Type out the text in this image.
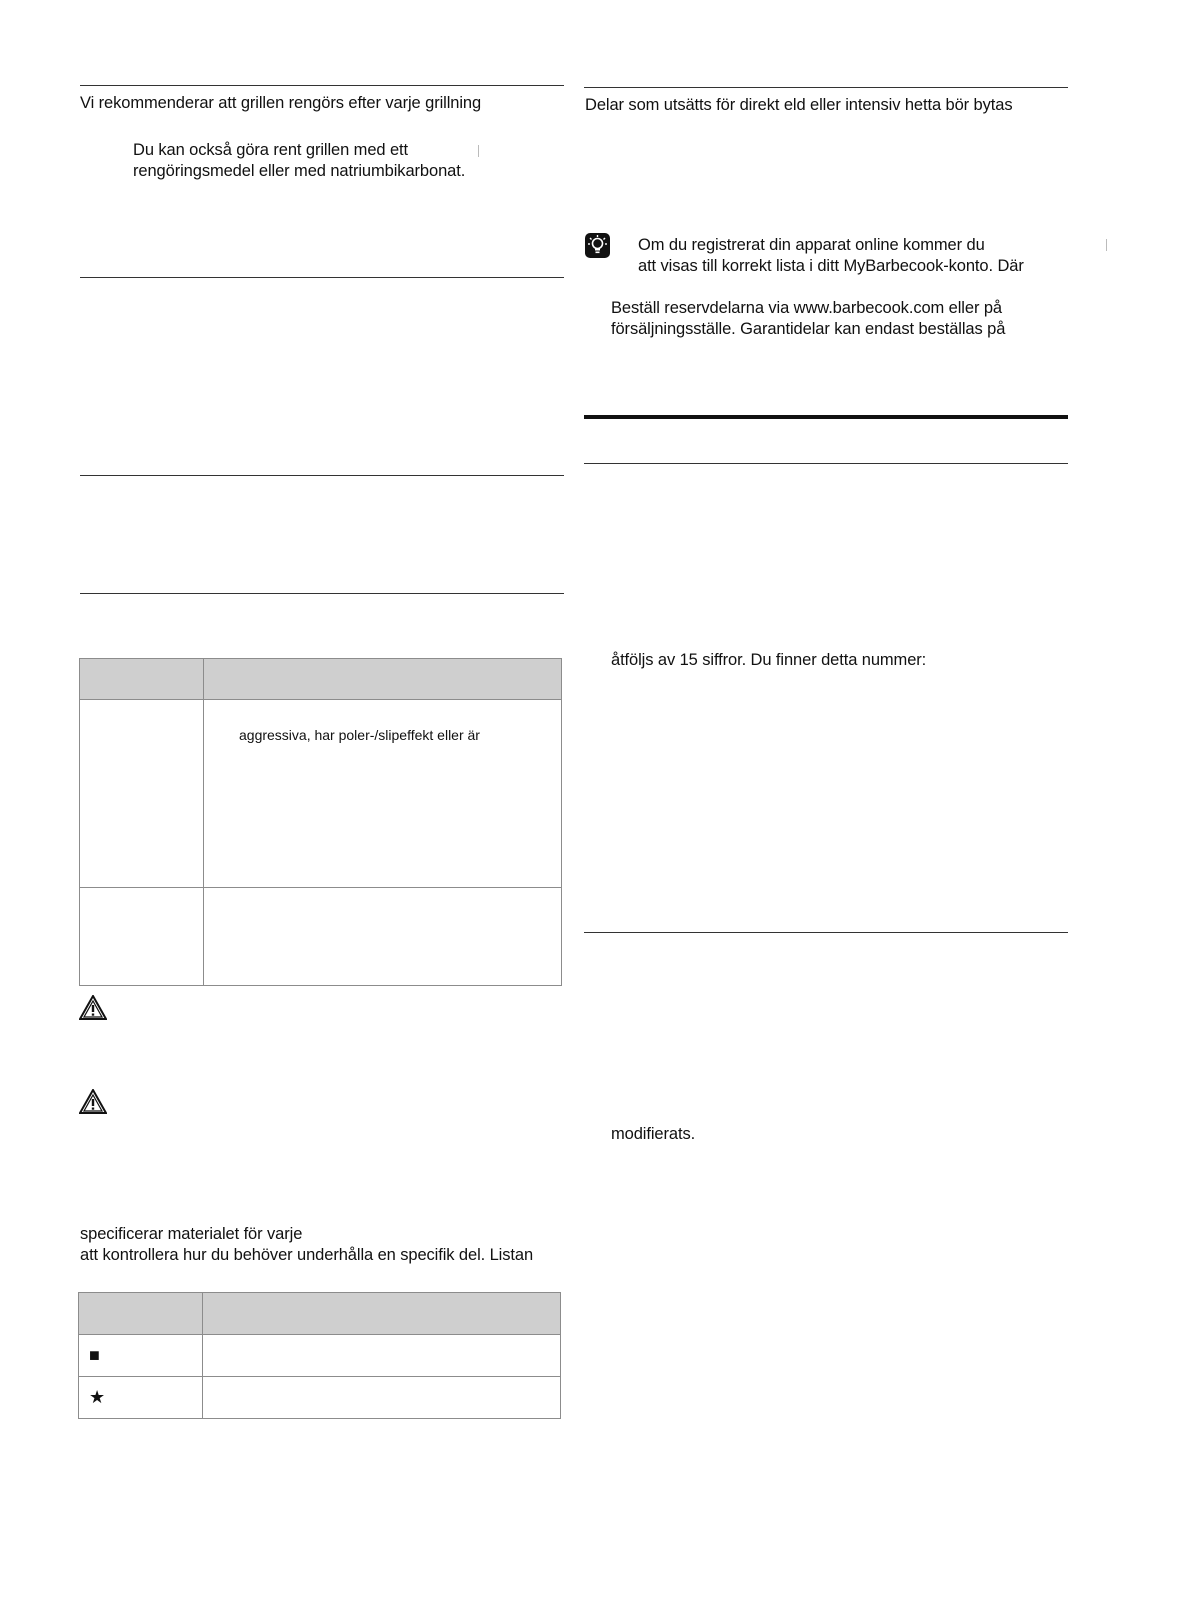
Vi rekommenderar att grillen rengörs efter varje grillning
Du kan också göra rent grillen med ett
rengöringsmedel eller med natriumbikarbonat.

	aggressiva, har poler-/slipeffekt eller är

specificerar materialet för varje
att kontrollera hur du behöver underhålla en specifik del. Listan

■	
★	
Delar som utsätts för direkt eld eller intensiv hetta bör bytas
Om du registrerat din apparat online kommer du
att visas till korrekt lista i ditt MyBarbecook-konto. Där
Beställ reservdelarna via www.barbecook.com eller på
försäljningsställe. Garantidelar kan endast beställas på
åtföljs av 15 siffror. Du finner detta nummer:
modifierats.
